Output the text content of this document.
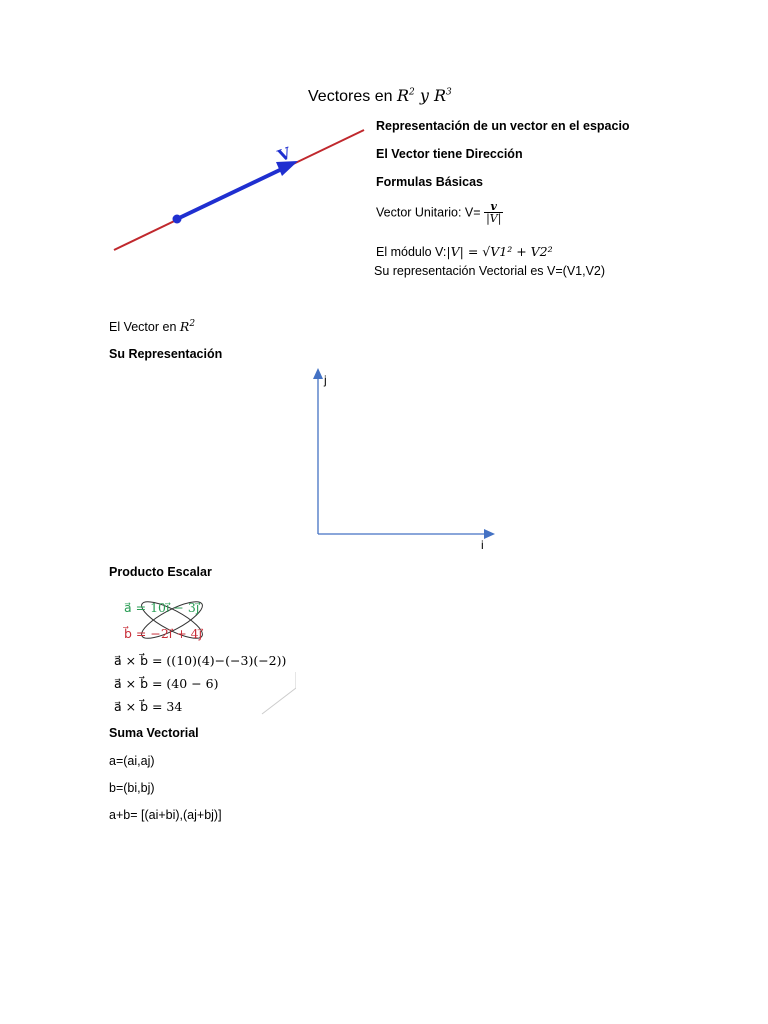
Vectores en $R^2$ y $R^3$
V
Representación de un vector en el espacio
El Vector tiene Dirección
Formulas Básicas
Vector Unitario: $V= \frac{v}{|V|}$
El módulo V:|V| = √V1² + V2²
Su representación Vectorial es V=(V1,V2)
El Vector en $R^2$
Su Representación
j
i
Producto Escalar
a⃗ = 10i⃗ − 3j⃗
b⃗ = −2i⃗ + 4j⃗
a⃗ × b⃗ = ((10)(4)−(−3)(−2))
a⃗ × b⃗ = (40 − 6)
a⃗ × b⃗ = 34
Suma Vectorial
a=(ai,aj)
b=(bi,bj)
a+b= [(ai+bi),(aj+bj)]
